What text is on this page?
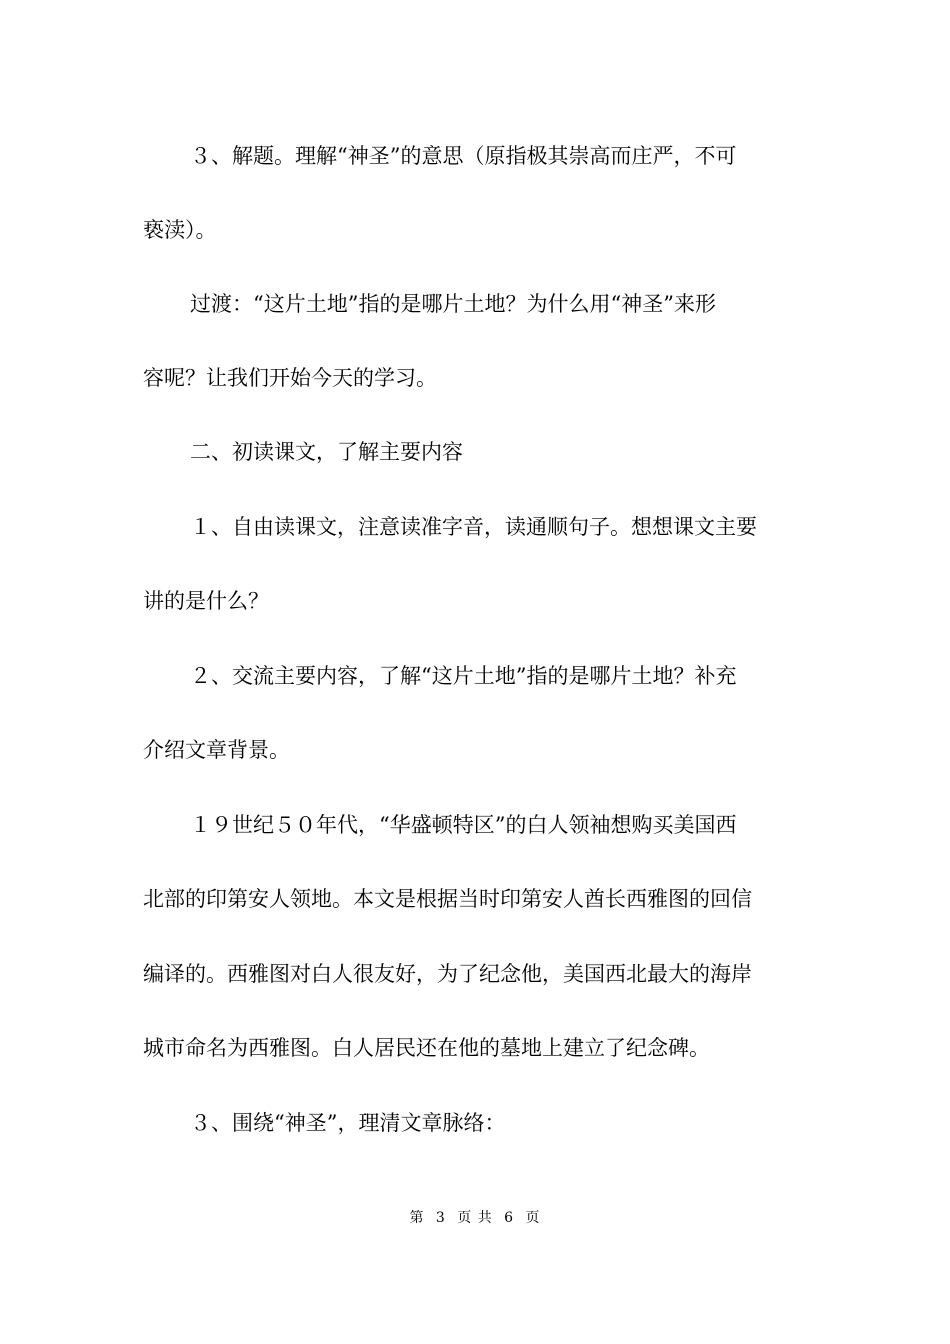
３、解题。理解“神圣”的意思（原指极其崇高而庄严，不可
亵渎）。
过渡：“这片土地”指的是哪片土地？为什么用“神圣”来形
容呢？让我们开始今天的学习。
二、初读课文，了解主要内容
１、自由读课文，注意读准字音，读通顺句子。想想课文主要
讲的是什么？
２、交流主要内容，了解“这片土地”指的是哪片土地？补充
介绍文章背景。
１９世纪５０年代，“华盛顿特区”的白人领袖想购买美国西
北部的印第安人领地。本文是根据当时印第安人酋长西雅图的回信
编译的。西雅图对白人很友好，为了纪念他，美国西北最大的海岸
城市命名为西雅图。白人居民还在他的墓地上建立了纪念碑。
３、围绕“神圣”，理清文章脉络：
第 3 页 共 6 页
